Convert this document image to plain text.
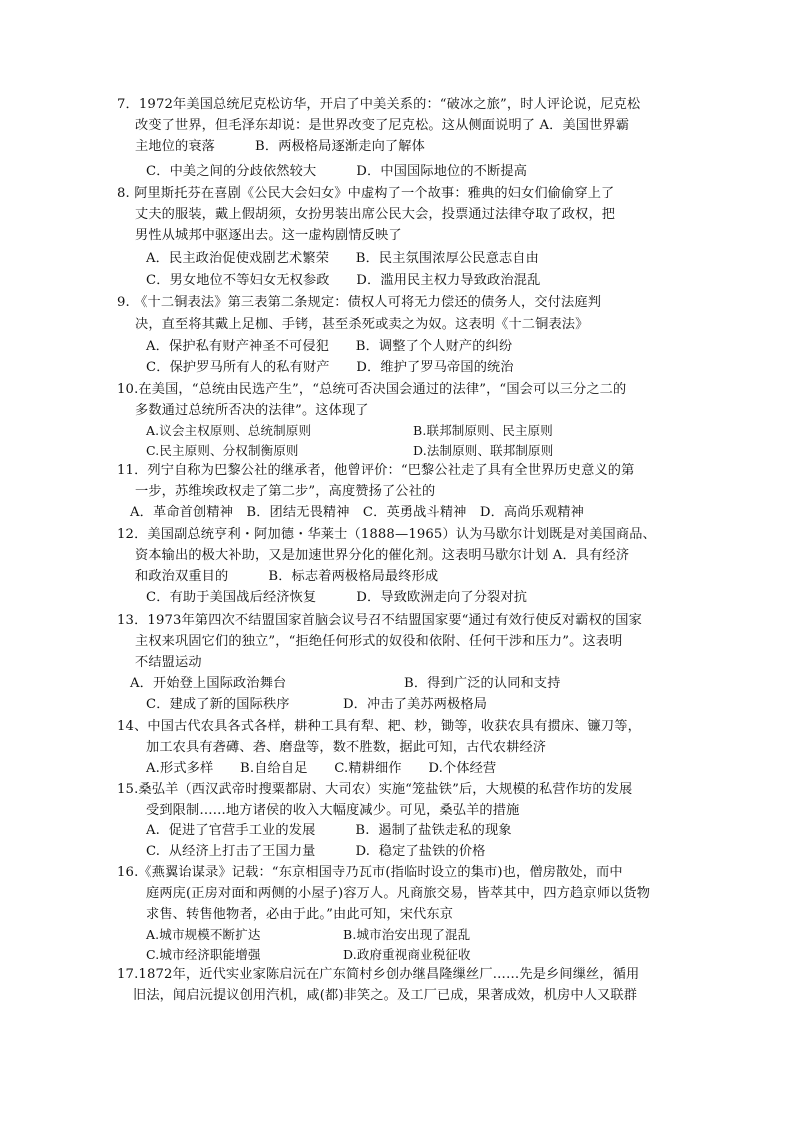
7．1972年美国总统尼克松访华，开启了中美关系的：“破冰之旅”，时人评论说，尼克松
改变了世界，但毛泽东却说：是世界改变了尼克松。这从侧面说明了 A．美国世界霸
主地位的衰落　　　B．两极格局逐渐走向了解体
C．中美之间的分歧依然较大　　　D．中国国际地位的不断提高
8. 阿里斯托芬在喜剧《公民大会妇女》中虚构了一个故事：雅典的妇女们偷偷穿上了
丈夫的服装，戴上假胡须，女扮男装出席公民大会，投票通过法律夺取了政权，把
男性从城邦中驱逐出去。这一虚构剧情反映了
A．民主政治促使戏剧艺术繁荣　　B．民主氛围浓厚公民意志自由
C．男女地位不等妇女无权参政　　D．滥用民主权力导致政治混乱
9. 《十二铜表法》第三表第二条规定：债权人可将无力偿还的债务人，交付法庭判
决，直至将其戴上足枷、手铐，甚至杀死或卖之为奴。这表明《十二铜表法》
A．保护私有财产神圣不可侵犯　　B．调整了个人财产的纠纷
C．保护罗马所有人的私有财产　　D．维护了罗马帝国的统治
10.在美国，“总统由民选产生”，“总统可否决国会通过的法律”，“国会可以三分之二的
多数通过总统所否决的法律”。这体现了
A.议会主权原则、总统制原则	B.联邦制原则、民主原则
C.民主原则、分权制衡原则	D.法制原则、联邦制原则
11．列宁自称为巴黎公社的继承者，他曾评价：“巴黎公社走了具有全世界历史意义的第
一步，苏维埃政权走了第二步”，高度赞扬了公社的
A．革命首创精神　B．团结无畏精神　C．英勇战斗精神　D．高尚乐观精神
12．美国副总统亨利・阿加德・华莱士（1888—1965）认为马歇尔计划既是对美国商品、
资本输出的极大补助，又是加速世界分化的催化剂。这表明马歇尔计划 A．具有经济
和政治双重目的　　　B．标志着两极格局最终形成
C．有助于美国战后经济恢复　　　D．导致欧洲走向了分裂对抗
13．1973年第四次不结盟国家首脑会议号召不结盟国家要“通过有效行使反对霸权的国家
主权来巩固它们的独立”，“拒绝任何形式的奴役和依附、任何干涉和压力”。这表明
不结盟运动
A．开始登上国际政治舞台	B．得到广泛的认同和支持
C．建成了新的国际秩序　　　　D．冲击了美苏两极格局
14、中国古代农具各式各样，耕种工具有犁、耙、耖，锄等，收获农具有掼床、镰刀等，
加工农具有砻礡、砻、磨盘等，数不胜数，据此可知，古代农耕经济
A.形式多样　　B.自给自足　　C.精耕细作　　D.个体经营
15.桑弘羊（西汉武帝时搜粟都尉、大司农）实施“笼盐铁”后，大规模的私营作坊的发展
受到限制……地方诸侯的收入大幅度减少。可见，桑弘羊的措施
A.  促进了官营手工业的发展　　　B.  遏制了盐铁走私的现象
C.  从经济上打击了王国力量　　　D.  稳定了盐铁的价格
16.《燕翼诒谋录》记载：“东京相国寺乃瓦市(指临时设立的集市)也，僧房散处，而中
庭两庑(正房对面和两侧的小屋子)容万人。凡商旅交易，皆萃其中，四方趋京师以货物
求售、转售他物者，必由于此。”由此可知，宋代东京
A.城市规模不断扩达	B.城市治安出现了混乱
C.城市经济职能增强	D.政府重视商业税征收
17.1872年，近代实业家陈启沅在广东简村乡创办继昌隆缫丝厂……先是乡间缫丝，循用
旧法，闻启沅提议创用汽机，咸(都)非笑之。及工厂已成，果著成效，机房中人又联群
